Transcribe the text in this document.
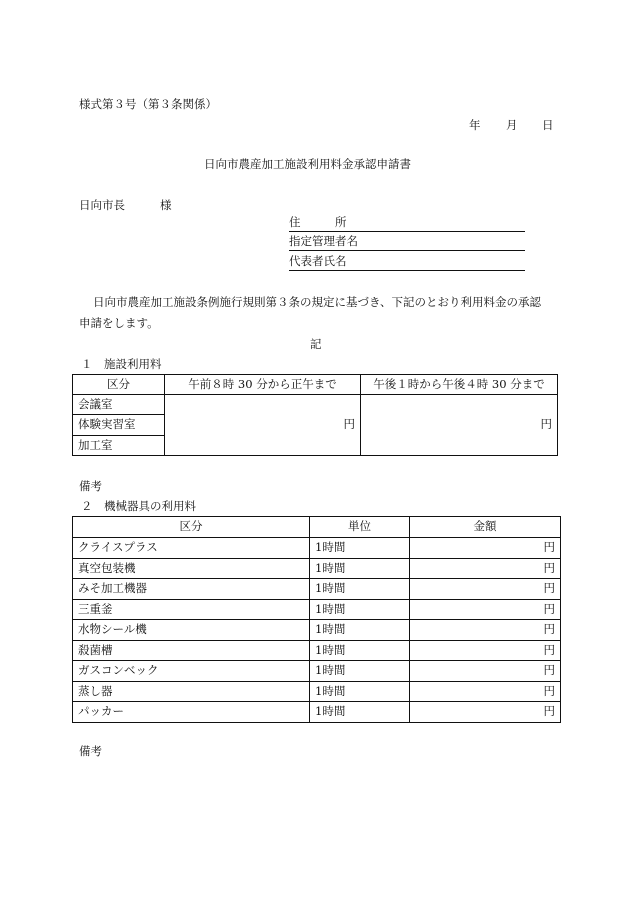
様式第３号（第３条関係）
年 月 日
日向市農産加工施設利用料金承認申請書
日向市長	様
住　　　所
指定管理者名
代表者氏名
日向市農産加工施設条例施行規則第３条の規定に基づき、下記のとおり利用料金の承認
申請をします。
記
１　施設利用料
区分	午前８時 30 分から正午まで	午後１時から午後４時 30 分まで
会議室	円	円
体験実習室		
加工室		
備考
２　機械器具の利用料
区分	単位	金額
クライスプラス	1時間	円
真空包装機	1時間	円
みそ加工機器	1時間	円
三重釜	1時間	円
水物シール機	1時間	円
殺菌槽	1時間	円
ガスコンベック	1時間	円
蒸し器	1時間	円
パッカー	1時間	円
備考
